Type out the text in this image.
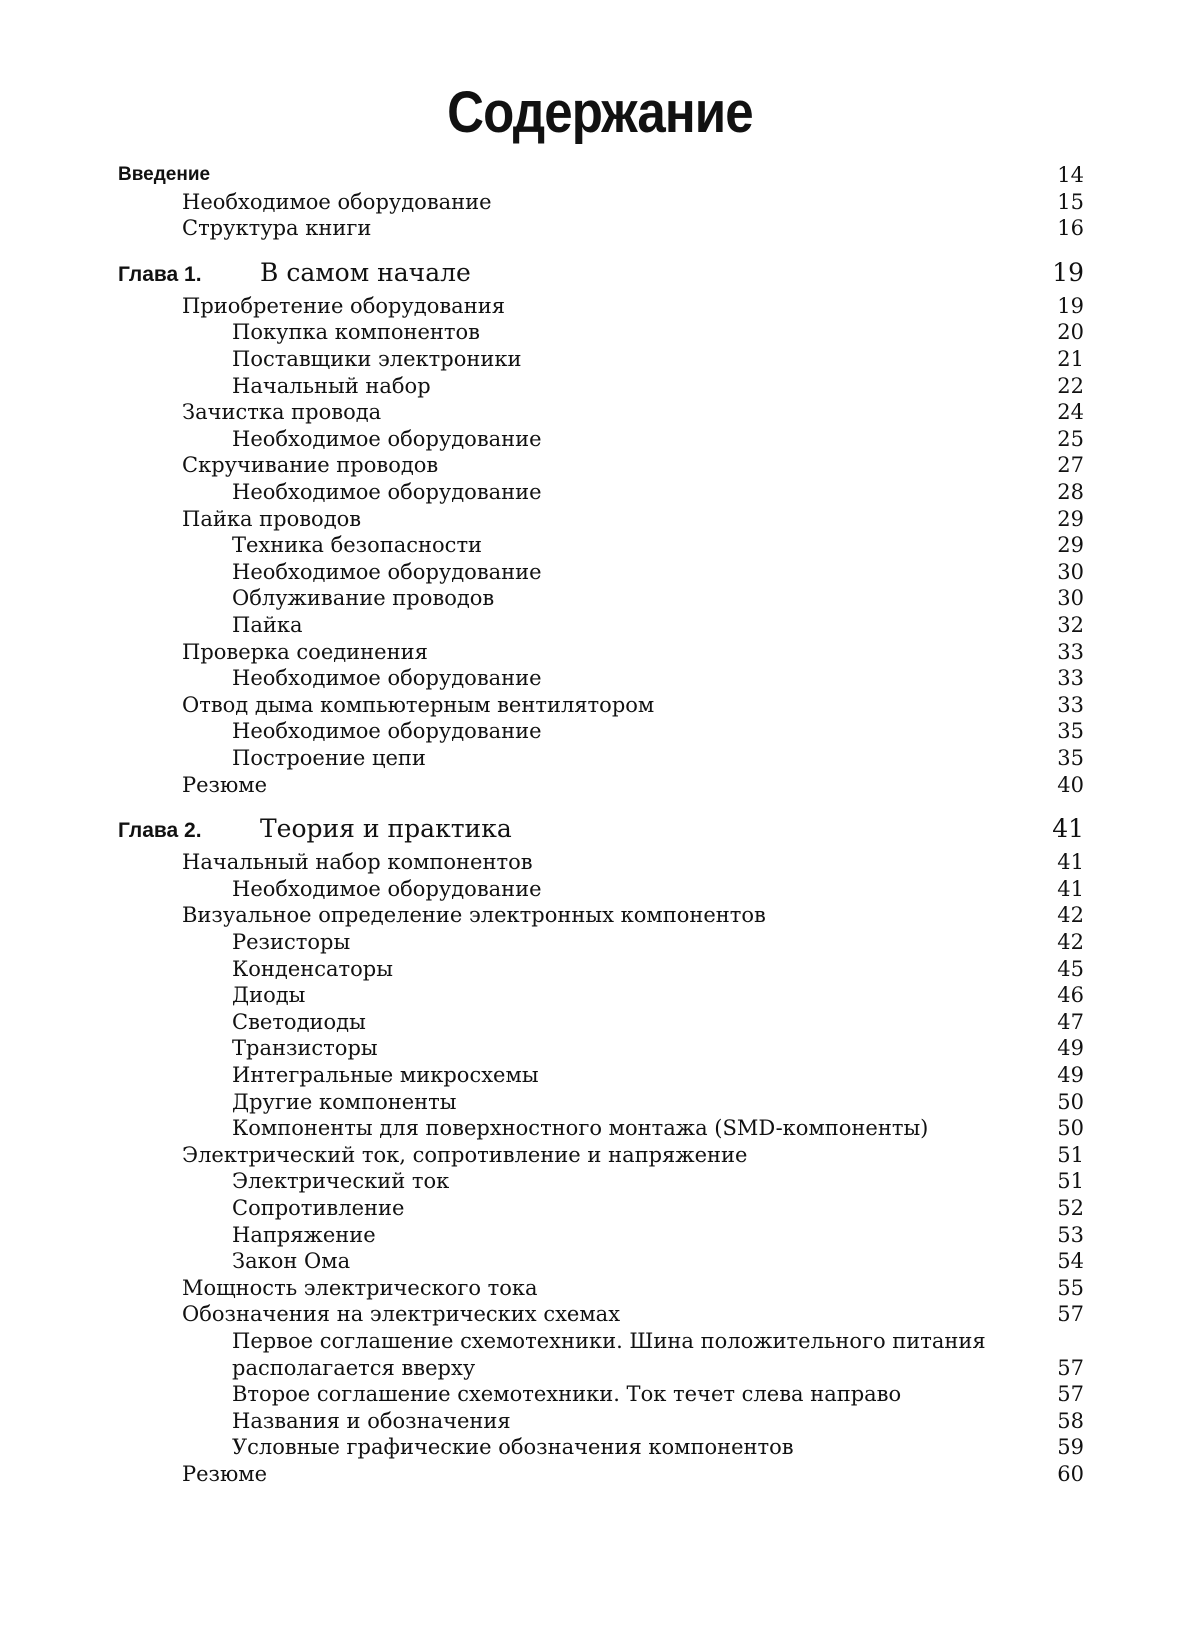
Содержание
Введение	14
Необходимое оборудование	15
Структура книги	16
Глава 1. В самом начале	19
Приобретение оборудования	19
Покупка компонентов	20
Поставщики электроники	21
Начальный набор	22
Зачистка провода	24
Необходимое оборудование	25
Скручивание проводов	27
Необходимое оборудование	28
Пайка проводов	29
Техника безопасности	29
Необходимое оборудование	30
Облуживание проводов	30
Пайка	32
Проверка соединения	33
Необходимое оборудование	33
Отвод дыма компьютерным вентилятором	33
Необходимое оборудование	35
Построение цепи	35
Резюме	40
Глава 2. Теория и практика	41
Начальный набор компонентов	41
Необходимое оборудование	41
Визуальное определение электронных компонентов	42
Резисторы	42
Конденсаторы	45
Диоды	46
Светодиоды	47
Транзисторы	49
Интегральные микросхемы	49
Другие компоненты	50
Компоненты для поверхностного монтажа (SMD-компоненты)	50
Электрический ток, сопротивление и напряжение	51
Электрический ток	51
Сопротивление	52
Напряжение	53
Закон Ома	54
Мощность электрического тока	55
Обозначения на электрических схемах	57
Первое соглашение схемотехники. Шина положительного питания
располагается вверху	57
Второе соглашение схемотехники. Ток течет слева направо	57
Названия и обозначения	58
Условные графические обозначения компонентов	59
Резюме	60
